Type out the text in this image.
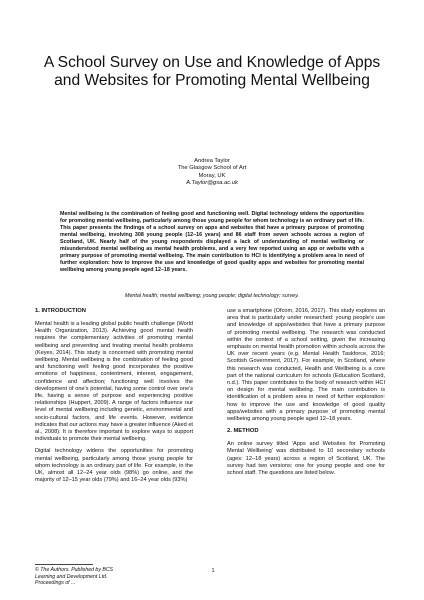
A School Survey on Use and Knowledge of Apps and Websites for Promoting Mental Wellbeing
Andrea Taylor
The Glasgow School of Art
Moray, UK
A.Taylor@gsa.ac.uk
Mental wellbeing is the combination of feeling good and functioning well. Digital technology widens the opportunities for promoting mental wellbeing, particularly among those young people for whom technology is an ordinary part of life. This paper presents the findings of a school survey on apps and websites that have a primary purpose of promoting mental wellbeing, involving 308 young people (12–16 years) and 86 staff from seven schools across a region of Scotland, UK. Nearly half of the young respondents displayed a lack of understanding of mental wellbeing or misunderstood mental wellbeing as mental health problems, and a very few reported using an app or website with a primary purpose of promoting mental wellbeing. The main contribution to HCI is identifying a problem area in need of further exploration: how to improve the use and knowledge of good quality apps and websites for promoting mental wellbeing among young people aged 12–18 years.
Mental health; mental wellbeing; young people; digital technology; survey.
1. INTRODUCTION

Mental health is a leading global public health challenge (World Health Organization, 2013). Achieving good mental health requires the complementary activities of promoting mental wellbeing and preventing and treating mental health problems (Keyes, 2014). This study is concerned with promoting mental wellbeing. Mental wellbeing is the combination of feeling good and functioning well: feeling good incorporates the positive emotions of happiness, contentment, interest, engagement, confidence and affection; functioning well involves the development of one's potential, having some control over one's life, having a sense of purpose and experiencing positive relationships (Huppert, 2009). A range of factors influence our level of mental wellbeing including genetic, environmental and socio-cultural factors, and life events. However, evidence indicates that our actions may have a greater influence (Aked et al., 2008). It is therefore important to explore ways to support individuals to promote their mental wellbeing.

Digital technology widens the opportunities for promoting mental wellbeing, particularly among those young people for whom technology is an ordinary part of life. For example, in the UK, almost all 12–24 year olds (98%) go online, and the majority of 12–15 year olds (79%) and 16–24 year olds (93%)

use a smartphone (Ofcom, 2016, 2017). This study explores an area that is particularly under researched: young people's use and knowledge of apps/websites that have a primary purpose of promoting mental wellbeing. The research was conducted within the context of a school setting, given the increasing emphasis on mental health promotion within schools across the UK over recent years (e.g. Mental Health Taskforce, 2016; Scottish Government, 2017). For example, in Scotland, where this research was conducted, Health and Wellbeing is a core part of the national curriculum for schools (Education Scotland, n.d.). This paper contributes to the body of research within HCI on design for mental wellbeing. The main contribution is identification of a problem area in need of further exploration: how to improve the use and knowledge of good quality apps/websites with a primary purpose of promoting mental wellbeing among young people aged 12–18 years.

2. METHOD

An online survey titled 'Apps and Websites for Promoting Mental Wellbeing' was distributed to 10 secondary schools (ages: 12–18 years) across a region of Scotland, UK. The survey had two versions: one for young people and one for school staff. The questions are listed below.

© The Authors. Published by BCS
Learning and Development Ltd.
Proceedings of ...
1
